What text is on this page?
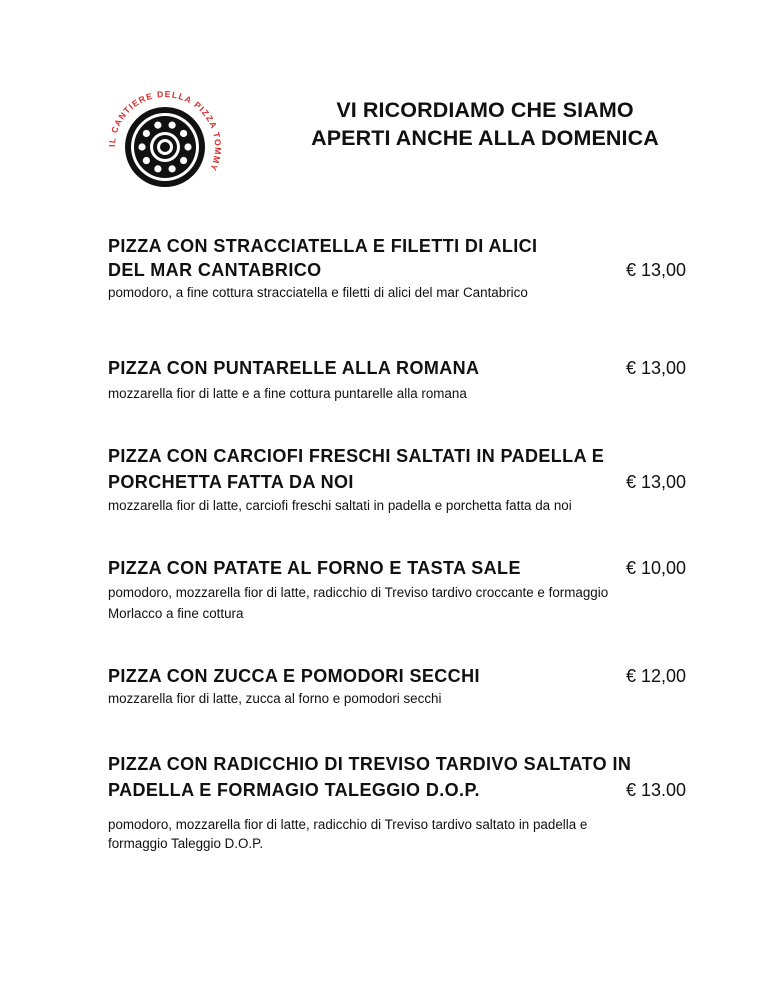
IL CANTIERE DELLA PIZZA TOMMY
VI RICORDIAMO CHE SIAMO
APERTI ANCHE ALLA DOMENICA
PIZZA CON STRACCIATELLA E FILETTI DI ALICI
DEL MAR CANTABRICO	€ 13,00
pomodoro, a fine cottura stracciatella e filetti di alici del mar Cantabrico
PIZZA CON PUNTARELLE ALLA ROMANA	€ 13,00
mozzarella fior di latte e a fine cottura puntarelle alla romana
PIZZA CON CARCIOFI FRESCHI SALTATI IN PADELLA E
PORCHETTA FATTA DA NOI	€ 13,00
mozzarella fior di latte, carciofi freschi saltati in padella e porchetta fatta da noi
PIZZA CON PATATE AL FORNO E TASTA SALE	€ 10,00
pomodoro, mozzarella fior di latte, radicchio di Treviso tardivo croccante e formaggio
Morlacco a fine cottura
PIZZA CON ZUCCA E POMODORI SECCHI	€ 12,00
mozzarella fior di latte, zucca al forno e pomodori secchi
PIZZA CON RADICCHIO DI TREVISO TARDIVO SALTATO IN
PADELLA E FORMAGIO TALEGGIO D.O.P.	€ 13.00
pomodoro, mozzarella fior di latte, radicchio di Treviso tardivo saltato in padella e
formaggio Taleggio D.O.P.
